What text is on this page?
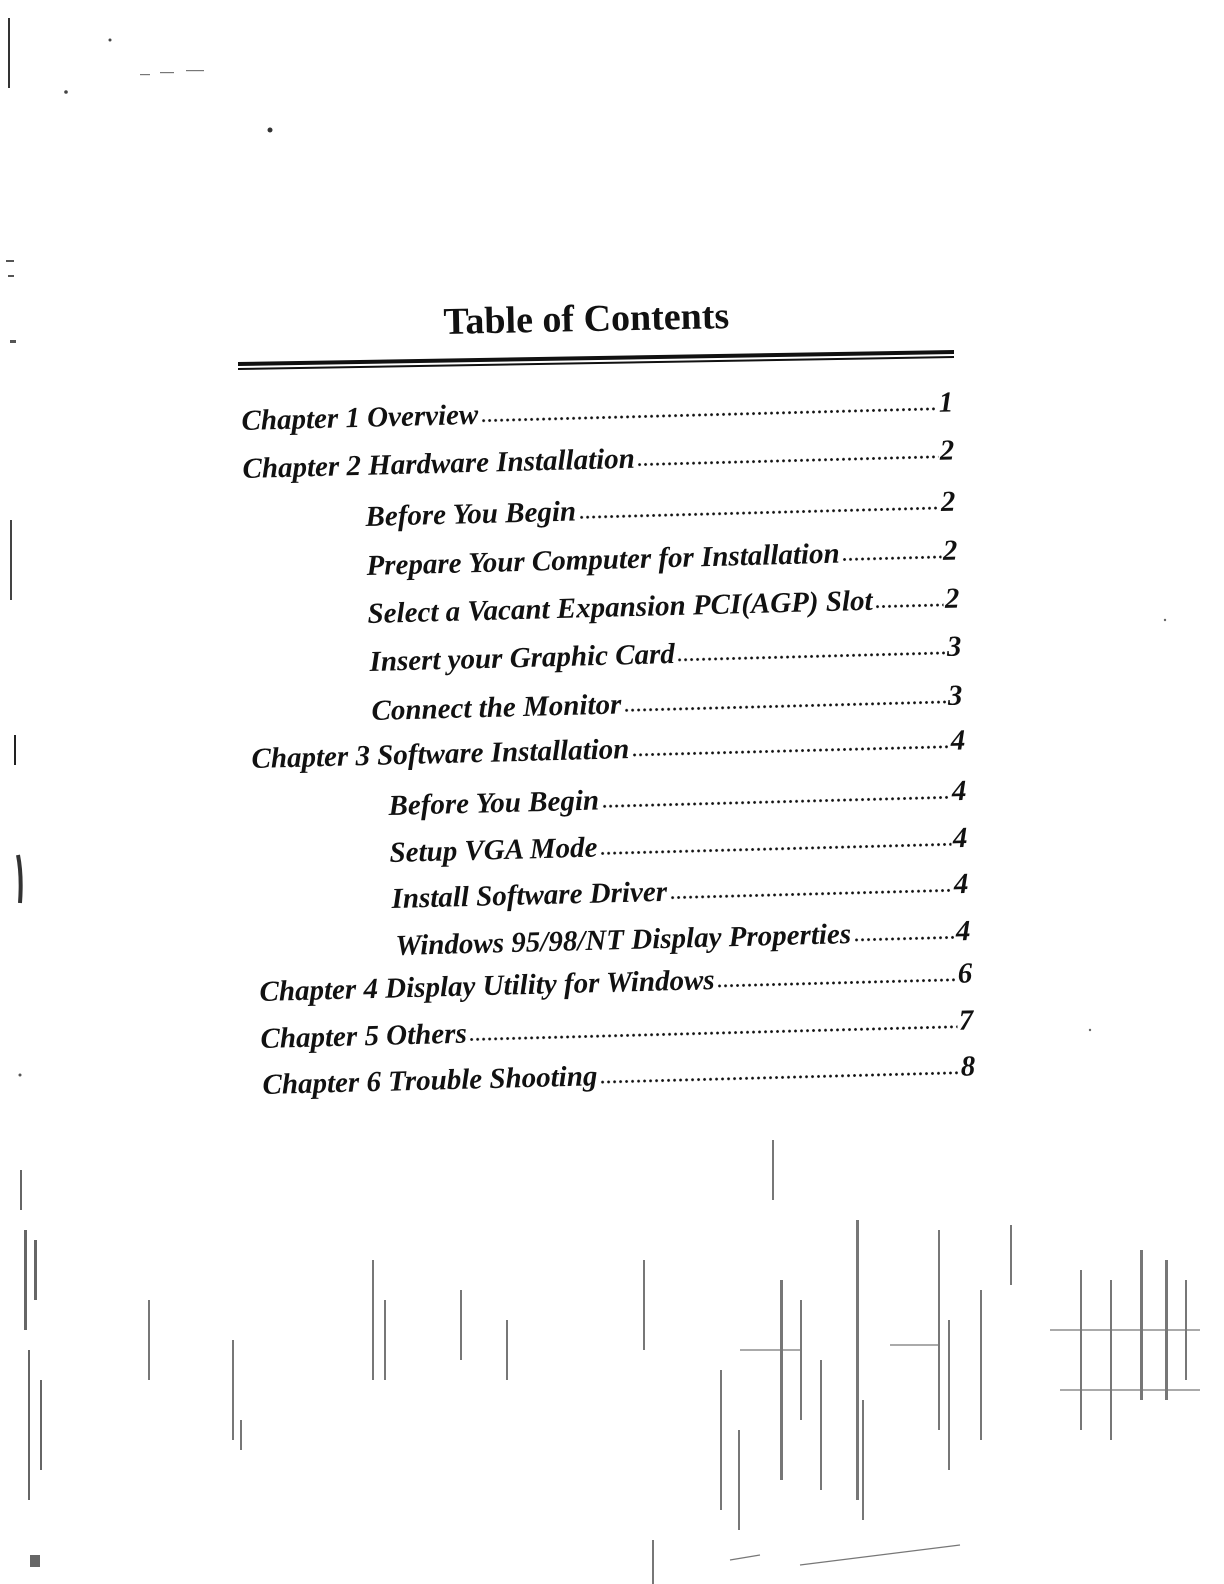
Table of Contents
Chapter 1 Overview	1
Chapter 2 Hardware Installation	2
Before You Begin	2
Prepare Your Computer for Installation	2
Select a Vacant Expansion PCI(AGP) Slot 2
Insert your Graphic Card	3
Connect the Monitor	3
Chapter 3 Software Installation	4
Before You Begin	4
Setup VGA Mode	4
Install Software Driver	4
Windows 95/98/NT Display Properties	4
Chapter 4 Display Utility for Windows	6
Chapter 5 Others	7
Chapter 6 Trouble Shooting	8
